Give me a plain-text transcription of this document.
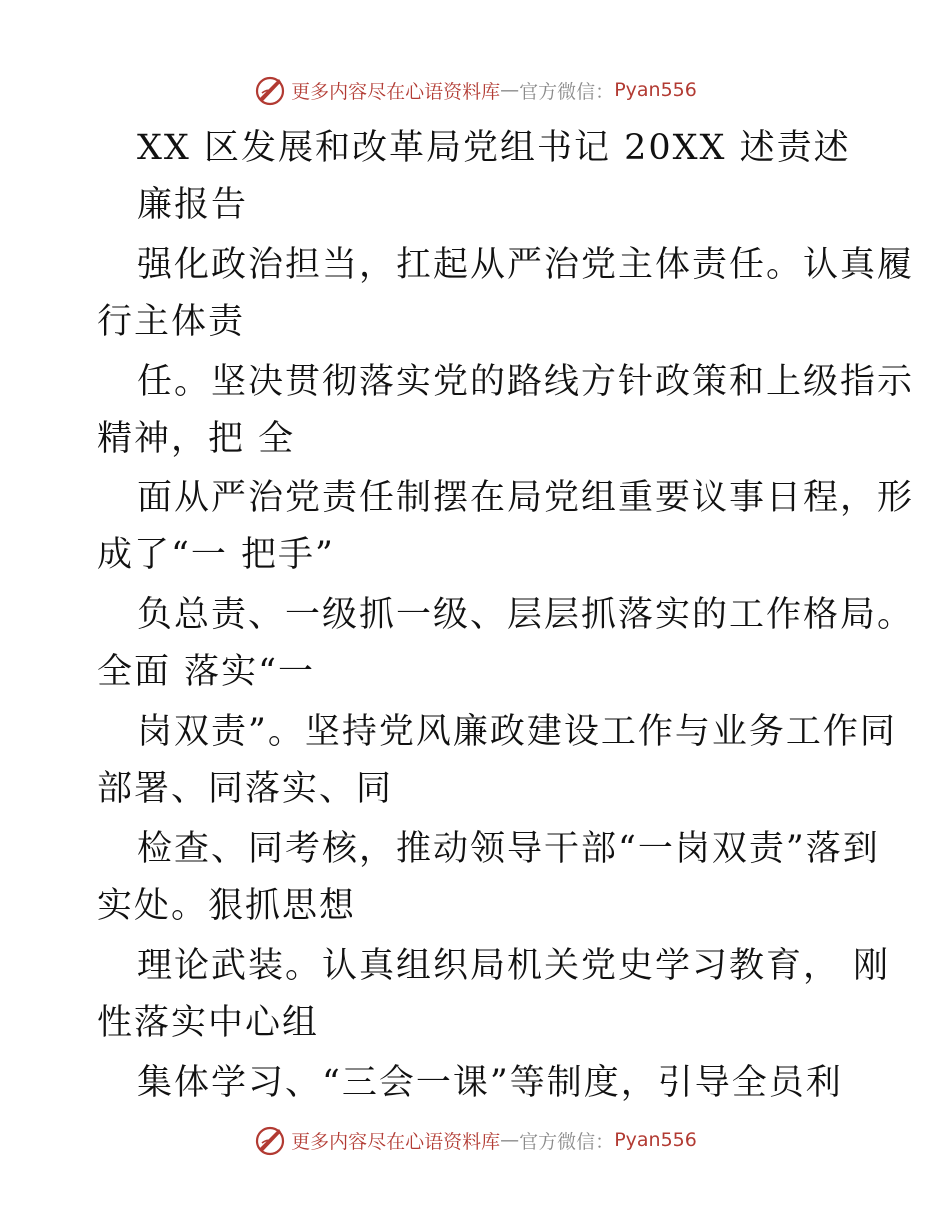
更多内容尽在心语资料库 — 官方微信： Pyan556
XX 区发展和改革局党组书记 20XX 述责述
廉报告
强化政治担当，扛起从严治党主体责任。认真履
行主体责
任。坚决贯彻落实党的路线方针政策和上级指示
精神，把 全
面从严治党责任制摆在局党组重要议事日程，形
成了“一 把手”
负总责、一级抓一级、层层抓落实的工作格局。
全面 落实“一
岗双责”。坚持党风廉政建设工作与业务工作同
部署、同落实、同
检查、同考核，推动领导干部“一岗双责”落到
实处。狠抓思想
理论武装。认真组织局机关党史学习教育， 刚
性落实中心组
集体学习、“三会一课”等制度，引导全员利
更多内容尽在心语资料库 — 官方微信： Pyan556
